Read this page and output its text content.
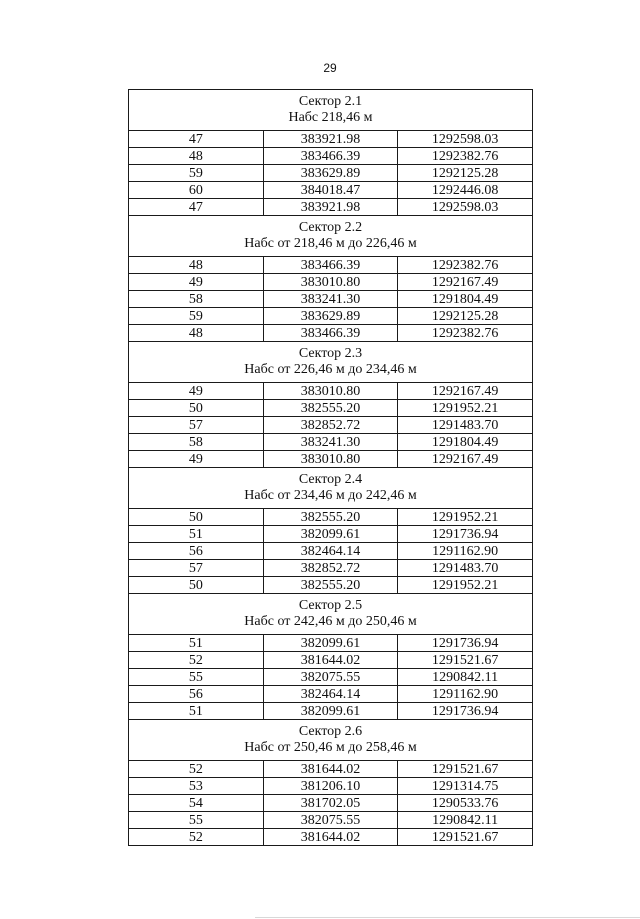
29
Сектор 2.1
Набс 218,46 м		

47	383921.98	1292598.03
48	383466.39	1292382.76
59	383629.89	1292125.28
60	384018.47	1292446.08
47	383921.98	1292598.03

Сектор 2.2
Набс от 218,46 м до 226,46 м		

48	383466.39	1292382.76
49	383010.80	1292167.49
58	383241.30	1291804.49
59	383629.89	1292125.28
48	383466.39	1292382.76

Сектор 2.3
Набс от 226,46 м до 234,46 м		

49	383010.80	1292167.49
50	382555.20	1291952.21
57	382852.72	1291483.70
58	383241.30	1291804.49
49	383010.80	1292167.49

Сектор 2.4
Набс от 234,46 м до 242,46 м		

50	382555.20	1291952.21
51	382099.61	1291736.94
56	382464.14	1291162.90
57	382852.72	1291483.70
50	382555.20	1291952.21

Сектор 2.5
Набс от 242,46 м до 250,46 м		

51	382099.61	1291736.94
52	381644.02	1291521.67
55	382075.55	1290842.11
56	382464.14	1291162.90
51	382099.61	1291736.94

Сектор 2.6
Набс от 250,46 м до 258,46 м		

52	381644.02	1291521.67
53	381206.10	1291314.75
54	381702.05	1290533.76
55	382075.55	1290842.11
52	381644.02	1291521.67
